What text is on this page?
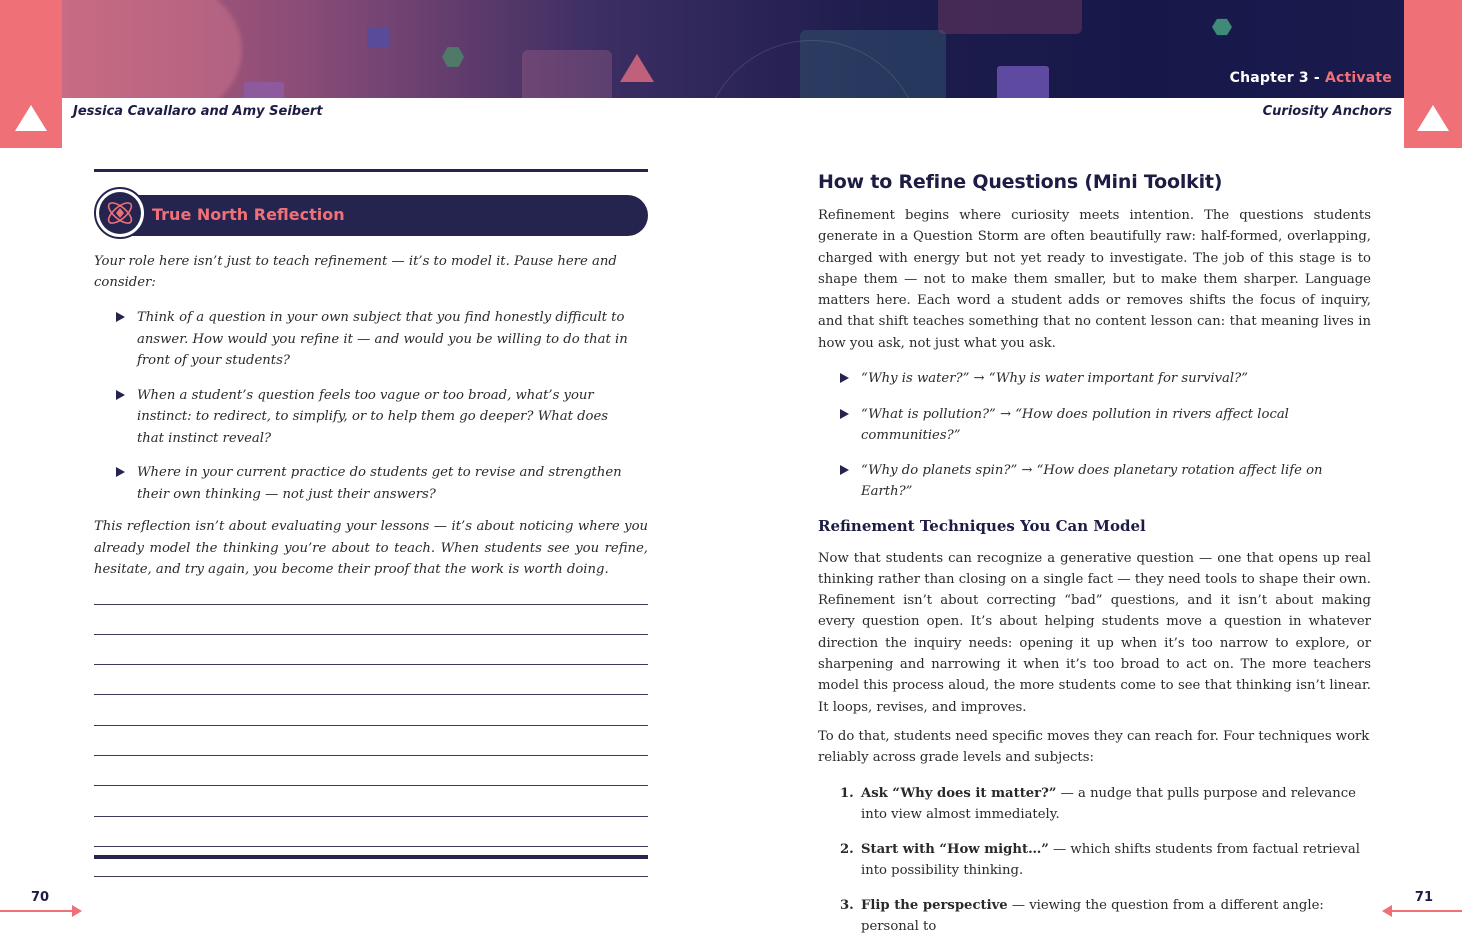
Chapter 3 - Activate
Jessica Cavallaro and Amy Seibert	Curiosity Anchors
True North Reflection

Your role here isn’t just to teach refinement — it’s to model it. Pause here and consider:

Think of a question in your own subject that you find honestly difficult to answer. How would you refine it — and would you be willing to do that in front of your students?
When a student’s question feels too vague or too broad, what’s your instinct: to redirect, to simplify, or to help them go deeper? What does that instinct reveal?
Where in your current practice do students get to revise and strengthen their own thinking — not just their answers?

This reflection isn’t about evaluating your lessons — it’s about noticing where you already model the thinking you’re about to teach. When students see you refine, hesitate, and try again, you become their proof that the work is worth doing.

How to Refine Questions (Mini Toolkit)

Refinement begins where curiosity meets intention. The questions students generate in a Question Storm are often beautifully raw: half-formed, overlapping, charged with energy but not yet ready to investigate. The job of this stage is to shape them — not to make them smaller, but to make them sharper. Language matters here. Each word a student adds or removes shifts the focus of inquiry, and that shift teaches something that no content lesson can: that meaning lives in how you ask, not just what you ask.

“Why is water?” → “Why is water important for survival?”
“What is pollution?” → “How does pollution in rivers affect local communities?”
“Why do planets spin?” → “How does planetary rotation affect life on Earth?”
Refinement Techniques You Can Model

Now that students can recognize a generative question — one that opens up real thinking rather than closing on a single fact — they need tools to shape their own. Refinement isn’t about correcting “bad” questions, and it isn’t about making every question open. It’s about helping students move a question in whatever direction the inquiry needs: opening it up when it’s too narrow to explore, or sharpening and narrowing it when it’s too broad to act on. The more teachers model this process aloud, the more students come to see that thinking isn’t linear. It loops, revises, and improves.

To do that, students need specific moves they can reach for. Four techniques work reliably across grade levels and subjects:

1. Ask “Why does it matter?” — a nudge that pulls purpose and relevance into view almost immediately.
2. Start with “How might…” — which shifts students from factual retrieval into possibility thinking.
3. Flip the perspective — viewing the question from a different angle: personal to
70	71
